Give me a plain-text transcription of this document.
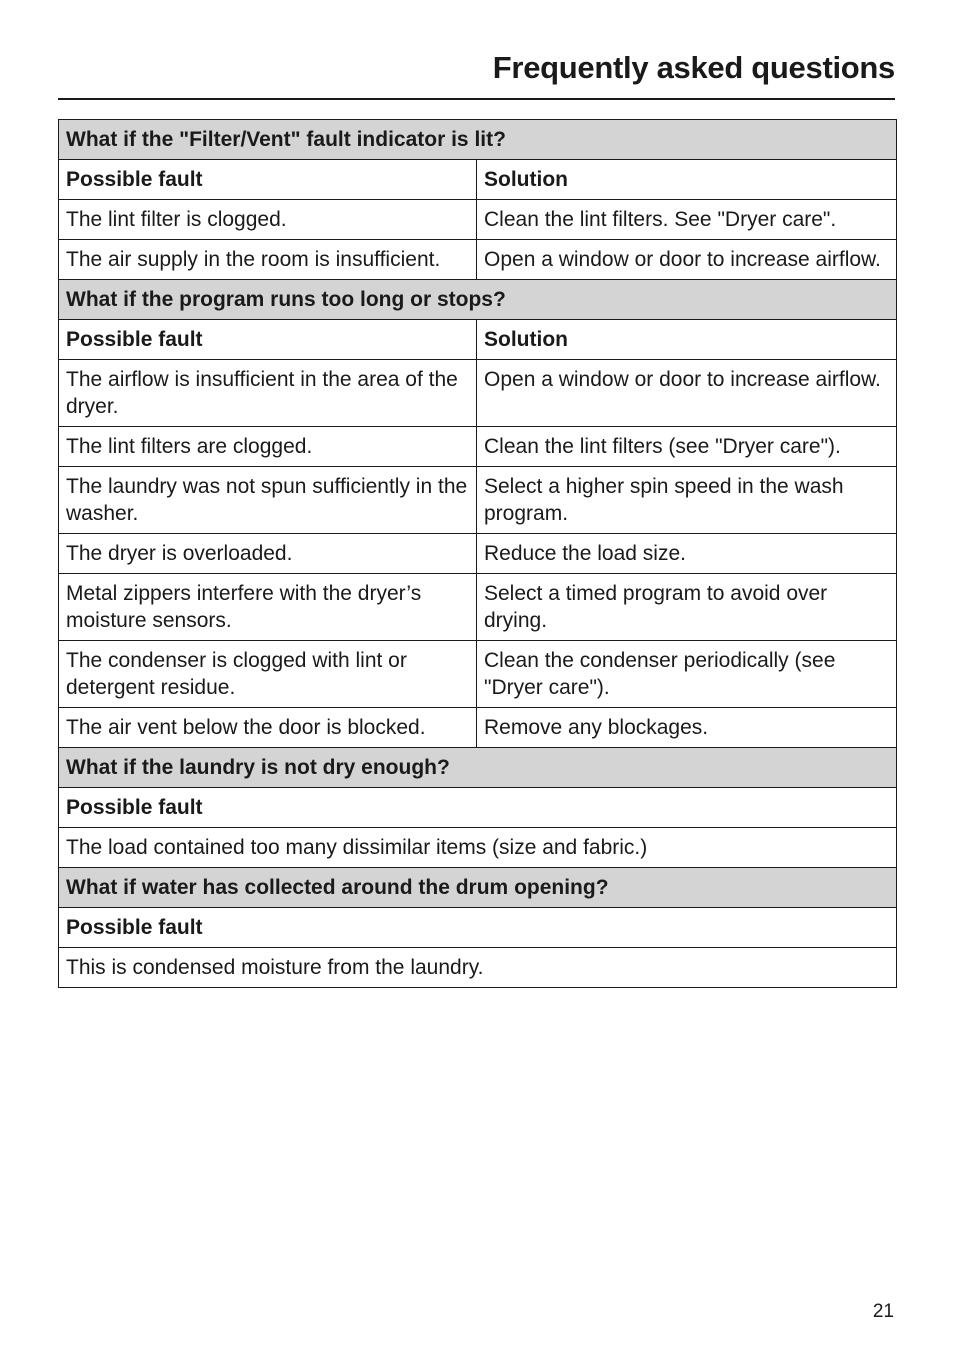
Frequently asked questions
What if the "Filter/Vent" fault indicator is lit?	
Possible fault	Solution
The lint filter is clogged.	Clean the lint filters. See "Dryer care".
The air supply in the room is insufficient.	Open a window or door to increase airflow.
What if the program runs too long or stops?	
Possible fault	Solution
The airflow is insufficient in the area of the dryer.	Open a window or door to increase airflow.
The lint filters are clogged.	Clean the lint filters (see "Dryer care").
The laundry was not spun sufficiently in the washer.	Select a higher spin speed in the wash program.
The dryer is overloaded.	Reduce the load size.
Metal zippers interfere with the dryer’s moisture sensors.	Select a timed program to avoid over drying.
The condenser is clogged with lint or detergent residue.	Clean the condenser periodically (see "Dryer care").
The air vent below the door is blocked.	Remove any blockages.
What if the laundry is not dry enough?	
Possible fault	
The load contained too many dissimilar items (size and fabric.)	
What if water has collected around the drum opening?	
Possible fault	
This is condensed moisture from the laundry.	
21
